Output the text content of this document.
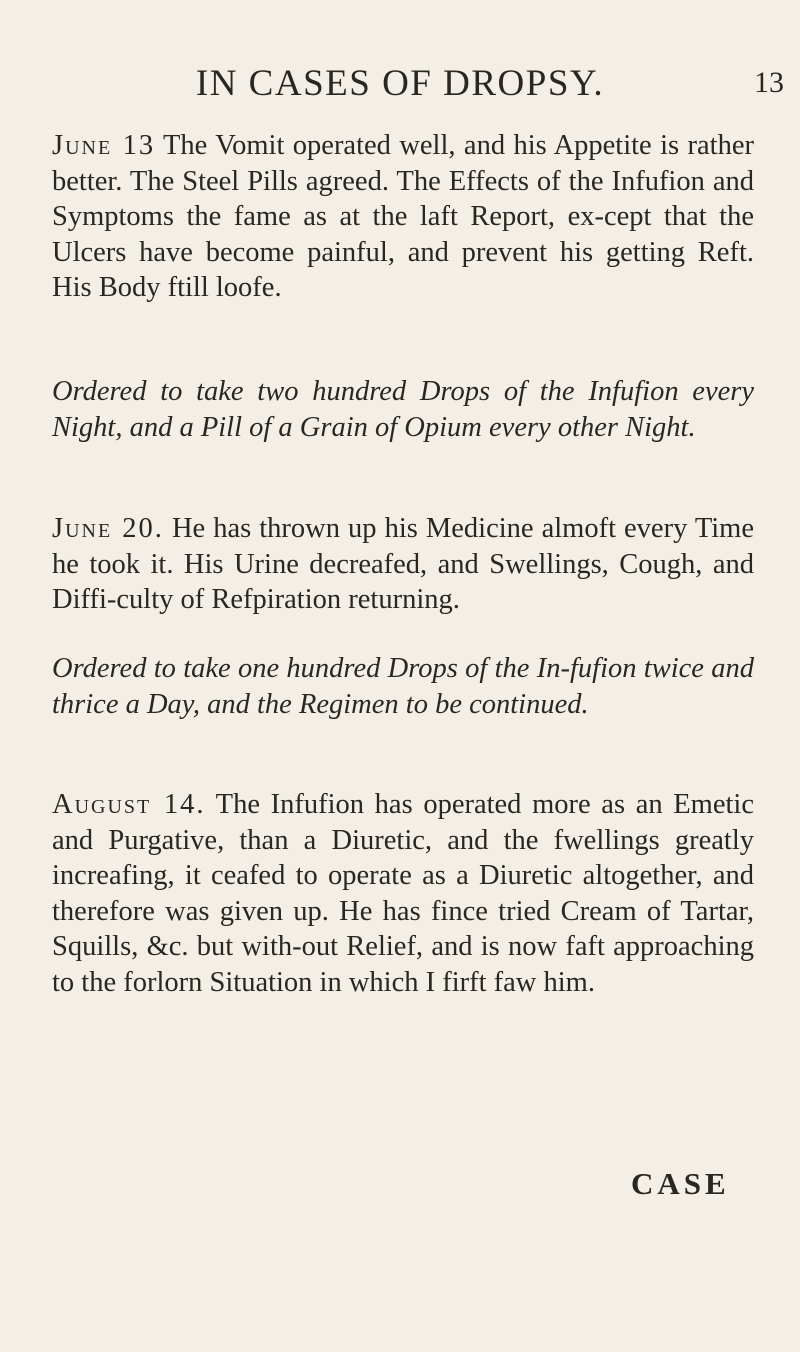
IN CASES OF DROPSY.	13

June 13 The Vomit operated well, and his Appetite is rather better. The Steel Pills agreed. The Effects of the Infufion and Symptoms the fame as at the laft Report, ex-cept that the Ulcers have become painful, and prevent his getting Reft. His Body ftill loofe.

Ordered to take two hundred Drops of the Infufion every Night, and a Pill of a Grain of Opium every other Night.

June 20. He has thrown up his Medicine almoft every Time he took it. His Urine decreafed, and Swellings, Cough, and Diffi-culty of Refpiration returning.

Ordered to take one hundred Drops of the In-fufion twice and thrice a Day, and the Regimen to be continued.

August 14. The Infufion has operated more as an Emetic and Purgative, than a Diuretic, and the fwellings greatly increafing, it ceafed to operate as a Diuretic altogether, and therefore was given up. He has fince tried Cream of Tartar, Squills, &c. but with-out Relief, and is now faft approaching to the forlorn Situation in which I firft faw him.

CASE
